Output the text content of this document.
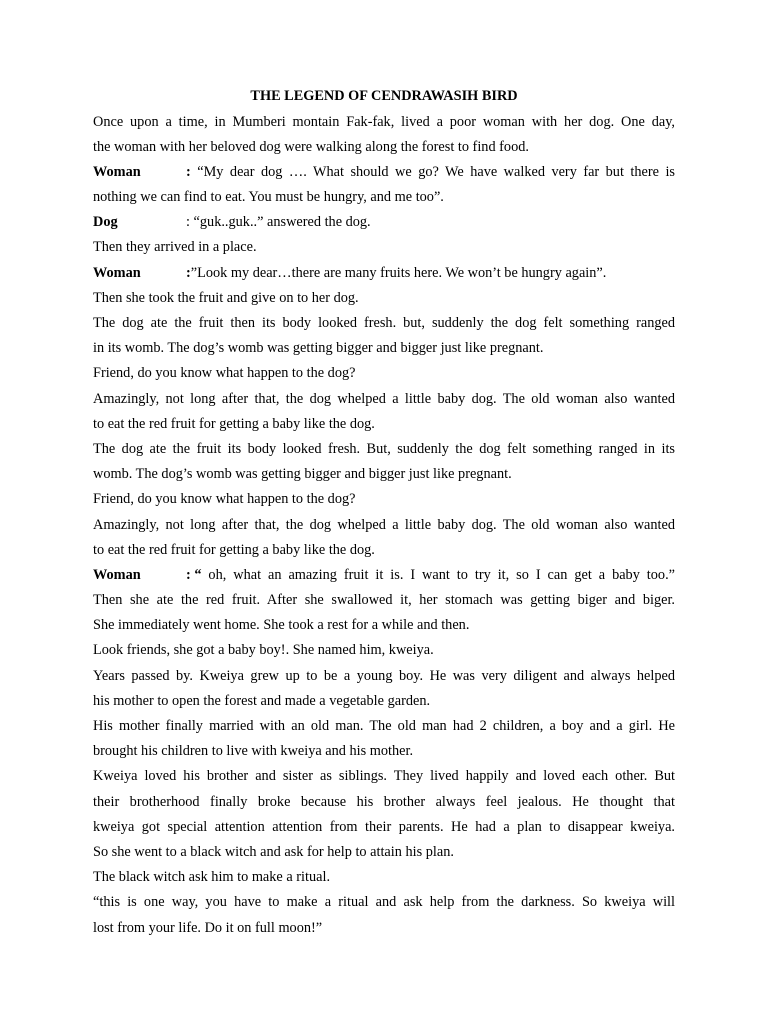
THE LEGEND OF CENDRAWASIH BIRD
Once upon a time, in Mumberi montain Fak-fak, lived a poor woman with her dog. One day,
the woman with her beloved dog were walking along the forest to find food.
Woman	: “My dear dog …. What should we go? We have walked very far but there is
nothing we can find to eat. You must be hungry, and me too”.
Dog	: “guk..guk..” answered the dog.
Then they arrived in a place.
Woman	:”Look my dear…there are many fruits here. We won’t be hungry again”.
Then she took the fruit and give on to her dog.
The dog ate the fruit then its body looked fresh. but, suddenly the dog felt something ranged
in its womb. The dog’s womb was getting bigger and bigger just like pregnant.
Friend, do you know what happen to the dog?
Amazingly, not long after that, the dog whelped a little baby dog. The old woman also wanted
to eat the red fruit for getting a baby like the dog.
The dog ate the fruit its body looked fresh. But, suddenly the dog felt something ranged in its
womb. The dog’s womb was getting bigger and bigger just like pregnant.
Friend, do you know what happen to the dog?
Amazingly, not long after that, the dog whelped a little baby dog. The old woman also wanted
to eat the red fruit for getting a baby like the dog.
Woman	: “ oh, what an amazing fruit it is. I want to try it, so I can get a baby too.”
Then she ate the red fruit. After she swallowed it, her stomach was getting biger and biger.
She immediately went home. She took a rest for a while and then.
Look friends, she got a baby boy!. She named him, kweiya.
Years passed by. Kweiya grew up to be a young boy. He was very diligent and always helped
his mother to open the forest and made a vegetable garden.
His mother finally married with an old man. The old man had 2 children, a boy and a girl. He
brought his children to live with kweiya and his mother.
Kweiya loved his brother and sister as siblings. They lived happily and loved each other. But
their brotherhood finally broke because his brother always feel jealous. He thought that
kweiya got special attention attention from their parents. He had a plan to disappear kweiya.
So she went to a black witch and ask for help to attain his plan.
The black witch ask him to make a ritual.
“this is one way, you have to make a ritual and ask help from the darkness. So kweiya will
lost from your life. Do it on full moon!”
